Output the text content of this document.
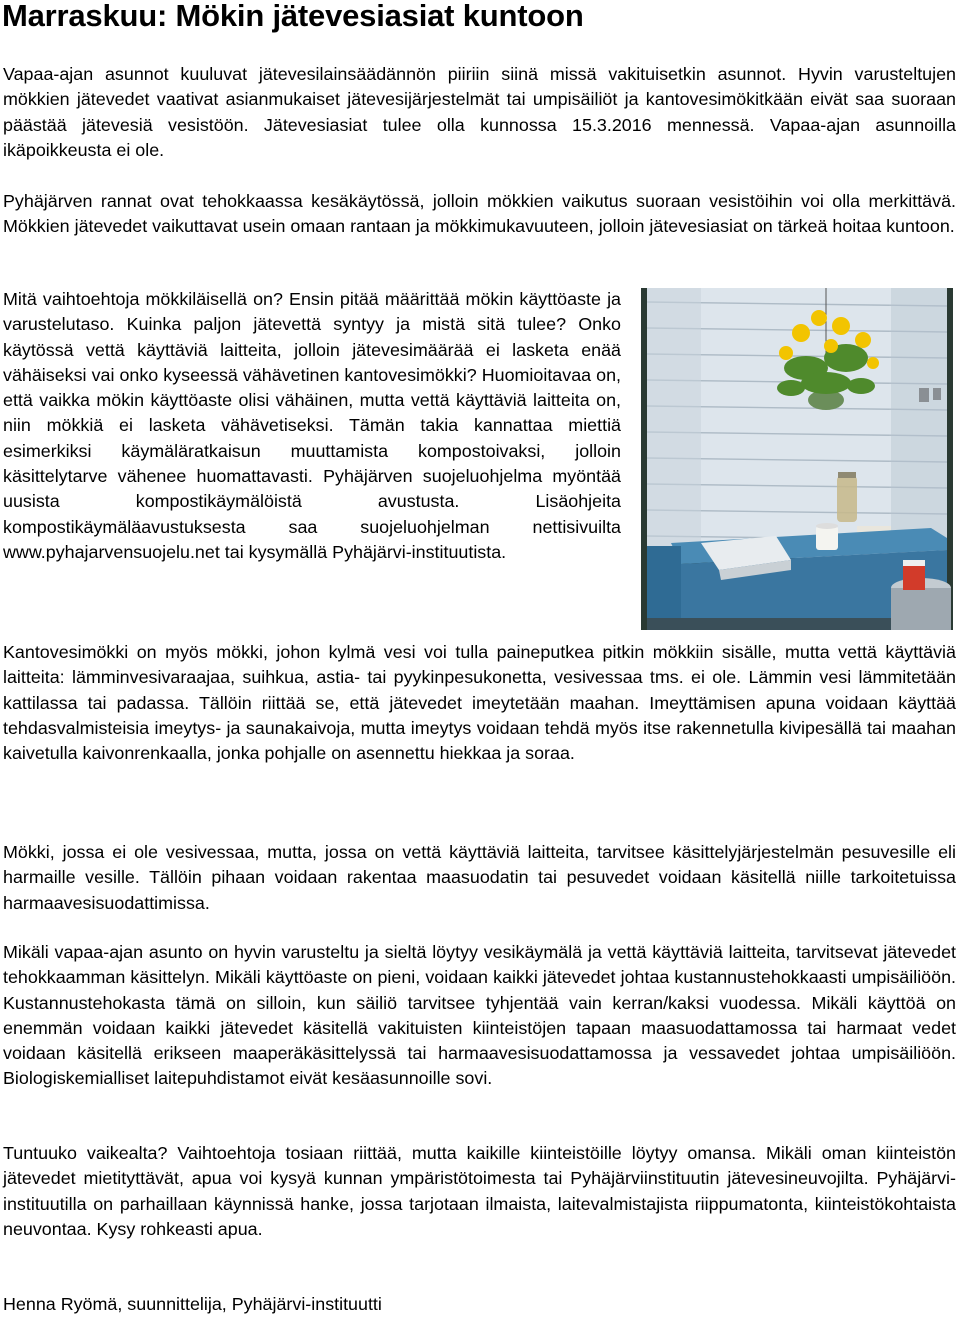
Marraskuu: Mökin jätevesiasiat kuntoon

Vapaa-ajan asunnot kuuluvat jätevesilainsäädännön piiriin siinä missä vakituisetkin asunnot. Hyvin varusteltujen mökkien jätevedet vaativat asianmukaiset jätevesijärjestelmät tai umpisäiliöt ja kantovesimökitkään eivät saa suoraan päästää jätevesiä vesistöön. Jätevesiasiat tulee olla kunnossa 15.3.2016 mennessä. Vapaa-ajan asunnoilla ikäpoikkeusta ei ole.

Pyhäjärven rannat ovat tehokkaassa kesäkäytössä, jolloin mökkien vaikutus suoraan vesistöihin voi olla merkittävä. Mökkien jätevedet vaikuttavat usein omaan rantaan ja mökkimukavuuteen, jolloin jätevesiasiat on tärkeä hoitaa kuntoon.

Mitä vaihtoehtoja mökkiläisellä on? Ensin pitää määrittää mökin käyttöaste ja varustelutaso. Kuinka paljon jätevettä syntyy ja mistä sitä tulee? Onko käytössä vettä käyttäviä laitteita, jolloin jätevesimäärää ei lasketa enää vähäiseksi vai onko kyseessä vähävetinen kantovesimökki? Huomioitavaa on, että vaikka mökin käyttöaste olisi vähäinen, mutta vettä käyttäviä laitteita on, niin mökkiä ei lasketa vähävetiseksi. Tämän takia kannattaa miettiä esimerkiksi käymäläratkaisun muuttamista kompostoivaksi, jolloin käsittelytarve vähenee huomattavasti. Pyhäjärven suojeluohjelma myöntää uusista kompostikäymälöistä avustusta. Lisäohjeita kompostikäymäläavustuksesta saa suojeluohjelman nettisivuilta www.pyhajarvensuojelu.net tai kysymällä Pyhäjärvi-instituutista.

Kantovesimökki on myös mökki, johon kylmä vesi voi tulla paineputkea pitkin mökkiin sisälle, mutta vettä käyttäviä laitteita: lämminvesivaraajaa, suihkua, astia- tai pyykinpesukonetta, vesivessaa tms. ei ole. Lämmin vesi lämmitetään kattilassa tai padassa. Tällöin riittää se, että jätevedet imeytetään maahan. Imeyttämisen apuna voidaan käyttää tehdasvalmisteisia imeytys- ja saunakaivoja, mutta imeytys voidaan tehdä myös itse rakennetulla kivipesällä tai maahan kaivetulla kaivonrenkaalla, jonka pohjalle on asennettu hiekkaa ja soraa.

Mökki, jossa ei ole vesivessaa, mutta, jossa on vettä käyttäviä laitteita, tarvitsee käsittelyjärjestelmän pesuvesille eli harmaille vesille. Tällöin pihaan voidaan rakentaa maasuodatin tai pesuvedet voidaan käsitellä niille tarkoitetuissa harmaavesisuodattimissa.

Mikäli vapaa-ajan asunto on hyvin varusteltu ja sieltä löytyy vesikäymälä ja vettä käyttäviä laitteita, tarvitsevat jätevedet tehokkaamman käsittelyn. Mikäli käyttöaste on pieni, voidaan kaikki jätevedet johtaa kustannustehokkaasti umpisäiliöön. Kustannustehokasta tämä on silloin, kun säiliö tarvitsee tyhjentää vain kerran/kaksi vuodessa. Mikäli käyttöä on enemmän voidaan kaikki jätevedet käsitellä vakituisten kiinteistöjen tapaan maasuodattamossa tai harmaat vedet voidaan käsitellä erikseen maaperäkäsittelyssä tai harmaavesisuodattamossa ja vessavedet johtaa umpisäiliöön. Biologiskemialliset laitepuhdistamot eivät kesäasunnoille sovi.

Tuntuuko vaikealta? Vaihtoehtoja tosiaan riittää, mutta kaikille kiinteistöille löytyy omansa. Mikäli oman kiinteistön jätevedet mietityttävät, apua voi kysyä kunnan ympäristötoimesta tai Pyhäjärviinstituutin jätevesineuvojilta. Pyhäjärvi-instituutilla on parhaillaan käynnissä hanke, jossa tarjotaan ilmaista, laitevalmistajista riippumatonta, kiinteistökohtaista neuvontaa. Kysy rohkeasti apua.

Henna Ryömä, suunnittelija, Pyhäjärvi-instituutti
